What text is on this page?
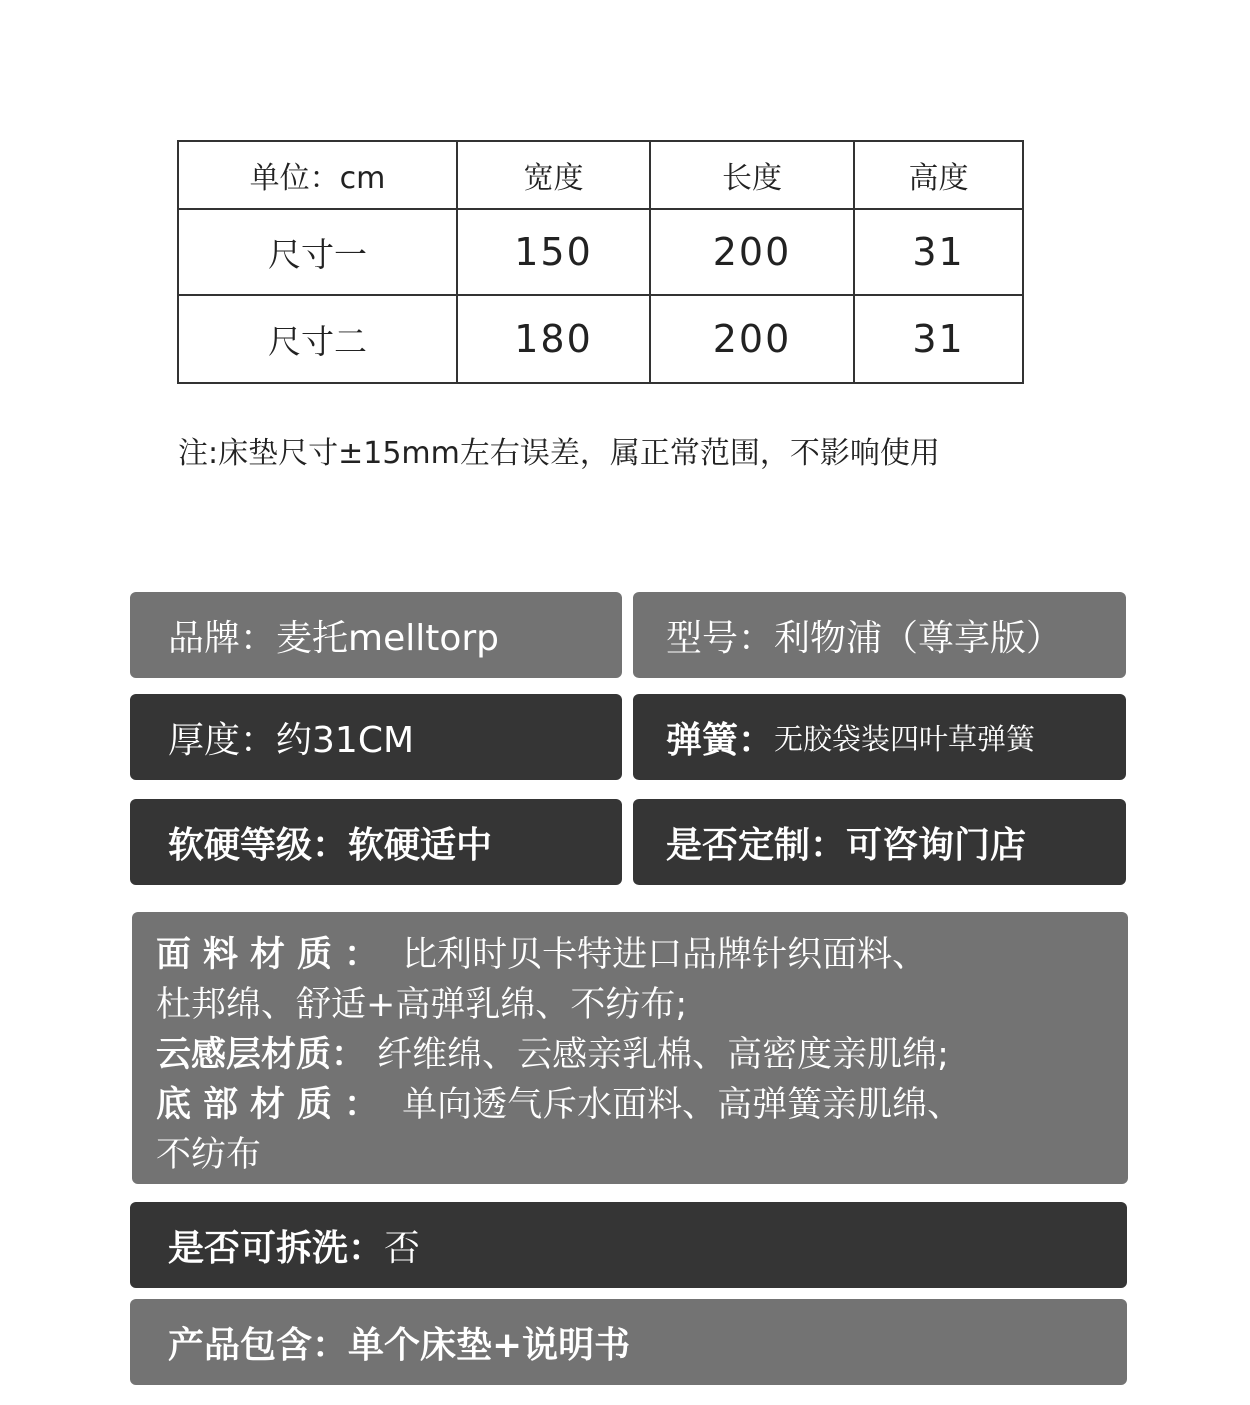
单位：cm	宽度	长度	高度
尺寸一	150	200	31
尺寸二	180	200	31
注:床垫尺寸±15mm左右误差，属正常范围，不影响使用
品牌： 麦托melltorp	型号： 利物浦（尊享版）
厚度： 约31CM	弹簧： 无胶袋装四叶草弹簧
软硬等级： 软硬适中	是否定制： 可咨询门店

面料材质： 比利时贝卡特进口品牌针织面料、

杜邦绵、舒适+高弹乳绵、不纺布;

云感层材质： 纤维绵、云感亲乳棉、高密度亲肌绵;

底部材质： 单向透气斥水面料、高弹簧亲肌绵、

不纺布

是否可拆洗： 否
产品包含： 单个床垫+说明书
